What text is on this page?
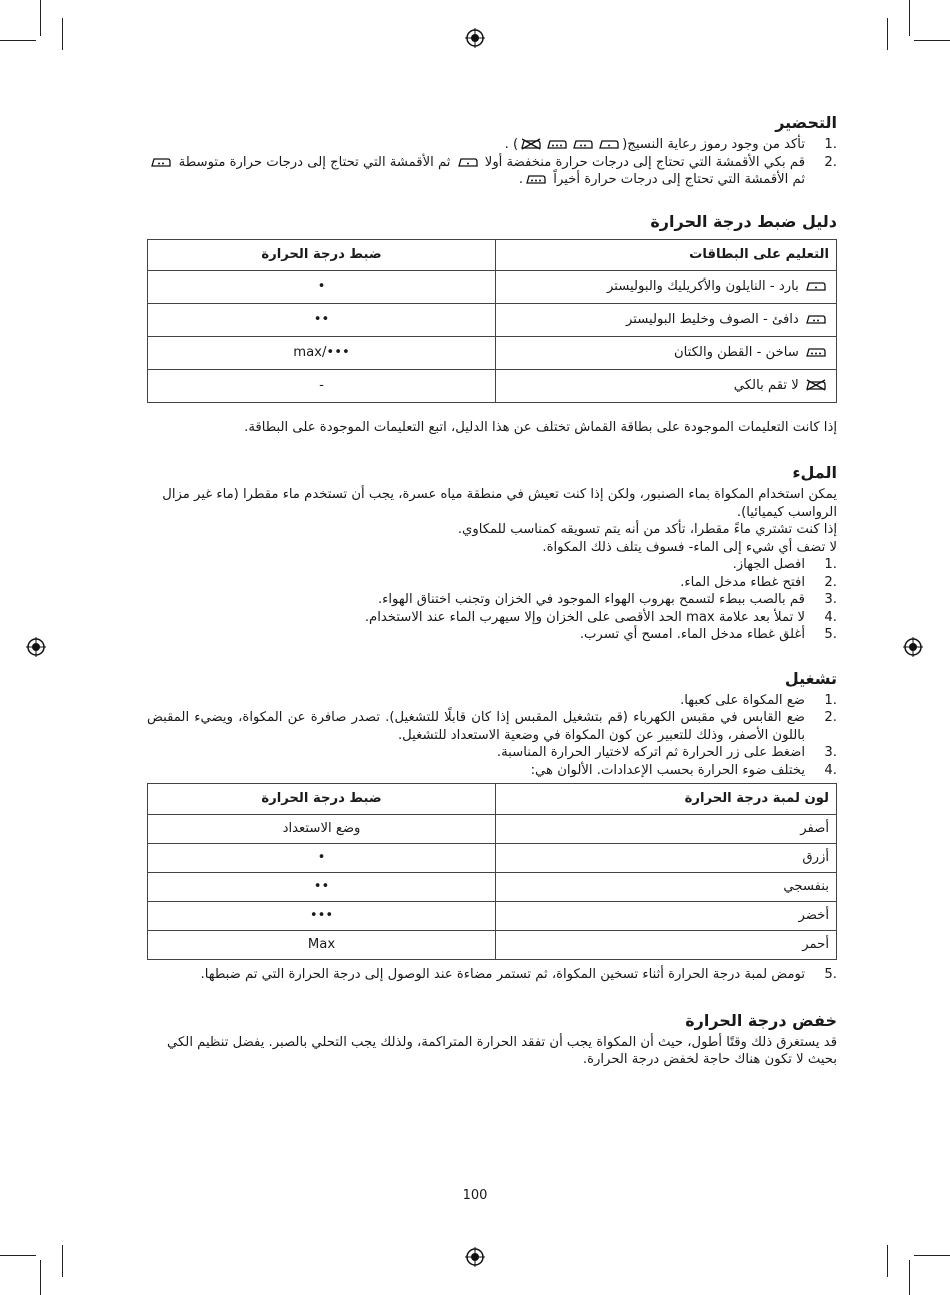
التحضير
.1
تأكد من وجود رموز رعاية النسيج() .
.2
قم بكي الأقمشة التي تحتاج إلى درجات حرارة منخفضة أولا  ثم الأقمشة التي تحتاج إلى درجات حرارة متوسطة  ثم الأقمشة التي تحتاج إلى درجات حرارة أخيراً .
دليل ضبط درجة الحرارة
التعليم على البطاقات	ضبط درجة الحرارة
بارد - النايلون والأكريليك والبوليستر	•
دافئ - الصوف وخليط البوليستر	••
ساخن - القطن والكتان	•••/max
لا تقم بالكي	-

إذا كانت التعليمات الموجودة على بطاقة القماش تختلف عن هذا الدليل، اتبع التعليمات الموجودة على البطاقة.

الملء

يمكن استخدام المكواة بماء الصنبور، ولكن إذا كنت تعيش في منطقة مياه عسرة، يجب أن تستخدم ماء مقطرا (ماء غير مزال الرواسب كيميائيا).

إذا كنت تشتري ماءً مقطرا، تأكد من أنه يتم تسويقه كمناسب للمكاوي.

لا تضف أي شيء إلى الماء- فسوف يتلف ذلك المكواة.

.1
افصل الجهاز.
.2
افتح غطاء مدخل الماء.
.3
قم بالصب ببطء لتسمح بهروب الهواء الموجود في الخزان وتجنب اختناق الهواء.
.4
لا تملأ بعد علامة max الحد الأقصى على الخزان وإلا سيهرب الماء عند الاستخدام.
.5
أغلق غطاء مدخل الماء. امسح أي تسرب.
تشغيل
.1
ضع المكواة على كعبها.
.2
ضع القابس في مقبس الكهرباء (قم بتشغيل المقبس إذا كان قابلًا للتشغيل). تصدر صافرة عن المكواة، ويضيء المقبض باللون الأصفر، وذلك للتعبير عن كون المكواة في وضعية الاستعداد للتشغيل.
.3
اضغط على زر الحرارة ثم اتركه لاختيار الحرارة المناسبة.
.4
يختلف ضوء الحرارة بحسب الإعدادات. الألوان هي:
لون لمبة درجة الحرارة	ضبط درجة الحرارة
أصفر	وضع الاستعداد
أزرق	•
بنفسجي	••
أخضر	•••
أحمر	Max
.5
تومض لمبة درجة الحرارة أثناء تسخين المكواة، ثم تستمر مضاءة عند الوصول إلى درجة الحرارة التي تم ضبطها.
خفض درجة الحرارة

قد يستغرق ذلك وقتًا أطول، حيث أن المكواة يجب أن تفقد الحرارة المتراكمة، ولذلك يجب التحلي بالصبر. يفضل تنظيم الكي بحيث لا تكون هناك حاجة لخفض درجة الحرارة.

100
